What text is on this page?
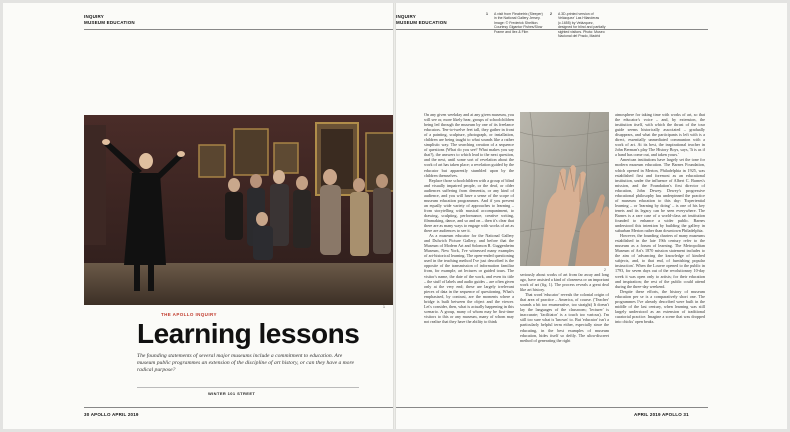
INQUIRY
MUSEUM EDUCATION
1
THE APOLLO INQUIRY
Learning lessons
The founding statements of several major museums include a commitment to education. Are museum public programmes an extension of the discipline of art history, or can they have a more radical purpose?
WINTER 101 STREET
30 APOLLO APRIL 2019
INQUIRY
MUSEUM EDUCATION
APRIL 2019 APOLLO 31
1 A visit from Fleabetrix (Sleeper) in the National Gallery Jersey. Image: © Frederick Shellton. Courtesy Gigantor Fishes/Slow Frame and Ilex & Film
2 A 3D-printed version of Velázquez' Las Hilanderas (c.1655) by Velázquez, designed for blind and partially sighted visitors. Photo: Museo Nacional del Prado, Madrid

On any given weekday and at any given museum, you will see or, more likely hear, groups of schoolchildren being led through the museum by one of its freelance educators. Ten-to-twelve feet tall, they gather in front of a painting, sculpture, photograph, or installation, children are being taught to what sounds like a rather simplistic way. The searching creation of a sequence of questions (What do you see? What makes you say that?), the answers to which lead to the next question, and the next, until some sort of revelation about the work of art has taken place; a revelation guided by the educator but apparently stumbled upon by the children themselves.

Replace those schoolchildren with a group of blind and visually impaired people, or the deaf, or older audiences suffering from dementia, or any kind of audience, and you will have a sense of the scope of museum education programmes. And if you present an equally wide variety of approaches to learning – from storytelling with musical accompaniment, to drawing, sculpting, performance, creative writing, filmmaking, dance, and so and on – then it's clear that there are as many ways to engage with works of art as there are audiences to see it.

As a museum educator for the National Gallery and Dulwich Picture Gallery, and before that the Museum of Modern Art and Solomon R. Guggenheim Museum, New York, I've witnessed many examples of art-historical learning. The open-ended questioning used in the teaching method I've just described is the opposite of the transmission of information familiar from, for example, art lectures or guided tours. The visitor's name, the date of the work, and even its title – the stuff of labels and audio guides – are often given only at the very end; these are largely irrelevant pieces of data in the sequence of questioning. What's emphasised, by contrast, are the moments where a bridge is built between the object and the viewer. Let's consider, then, what is actually happening in this scenario. A group, many of whom may be first-time visitors to this or any museum, many of whom may not realise that they have the ability to think

2

seriously about works of art from far away and long ago, have assisted a kind of closeness or an important work of art (fig. 1). The process reveals a great deal like art history.

That word 'educator' reveals the colonial origin of that area of practice – America, of course. ('Teacher' sounds a bit too enumerative, too straight) It doesn't lay the languages of the classroom; 'lecturer' is inaccurate; 'facilitator' is a touch too various). I'm still too sure what is 'known' to. But 'educator' isn't a particularly helpful term either, especially since the educating, in the best examples of museum education, hides itself so deftly. The ultra-discreet method of generating the right

atmosphere for taking time with works of art, so that the educator's voice – and, by extension, the institution itself, with which the thrust of the tour guide seems historically associated – gradually disappears, and what the participants is left with is a direct, essentially unmediated communion with a work of art. At its best, the inspirational teacher in John Berman's play The History Boys, says, 'It is as if a hand has come out, and taken yours.'

American institutions have largely set the tone for modern museum education. The Barnes Foundation, which opened in Merion, Philadelphia in 1925, was established first and foremost as an educational institution, under the influence of Albert C. Barnes's mission, and the Foundation's first director of education, John Dewey. Dewey's progressive educational philosophy has underpinned the practice of museum education to this day: 'Experiential learning – or 'learning by doing' – is one of his key tenets and its legacy can be seen everywhere. The Barnes is a rare case of a world-class art institution founded to enhance a wider public. Barnes understood this intention by building the gallery in suburban Merion rather than downtown Philadelphia.

However, the founding charters of many museums established in the late 19th century refer to the museum as a forum of learning. The Metropolitan Museum of Art's 1870 mission statement includes to the aim of 'advancing the knowledge of kindred subjects, and, to that end, of furnishing popular instruction'. When the Louvre opened to the public in 1793, for seven days out of the revolutionary 10-day week it was open only to artists; for their education and inspiration; the rest of the public could attend during the three-day weekend.

Despite these efforts, the history of museum education per se is a comparatively short one. The programmes I've already described were built in the middle of the last century, when learning was still largely understood as an extension of traditional curatorial practice. Imagine a scene that was dropped into chicks' open beaks.
